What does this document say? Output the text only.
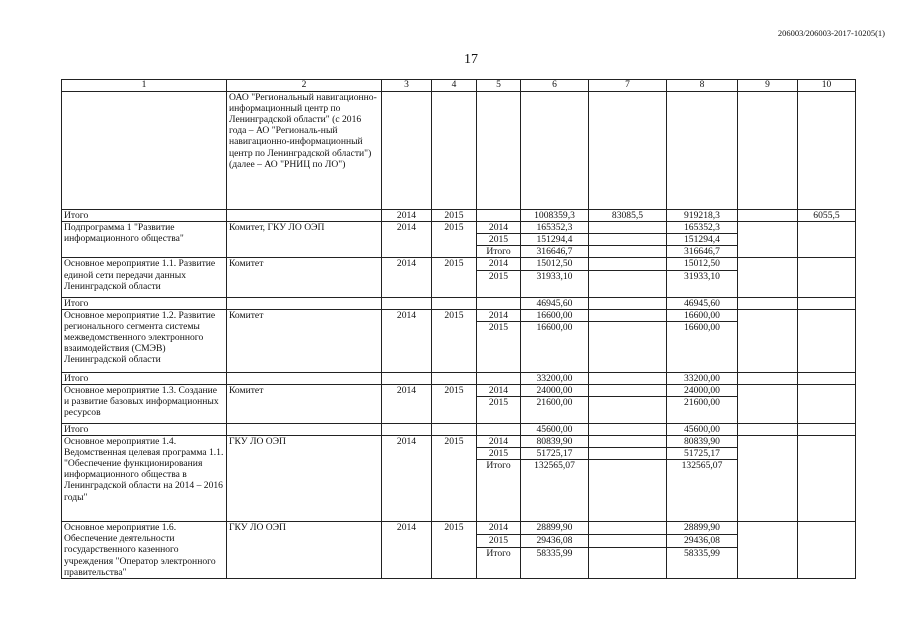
206003/206003-2017-10205(1)
17
1	2	3	4	5	6	7	8	9	10
	ОАО "Региональный навигационно-информационный центр по Ленинградской области" (с 2016 года – АО "Региональ-ный навигационно-информационный центр по Ленинградской области") (далее – АО "РНИЦ по ЛО")								
Итого		2014	2015		1008359,3	83085,5	919218,3		6055,5
Подпрограмма 1 "Развитие информационного общества"	Комитет, ГКУ ЛО ОЭП	2014	2015	2014	165352,3		165352,3		
				2015	151294,4		151294,4		
				Итого	316646,7		316646,7		
Основное мероприятие 1.1. Развитие единой сети передачи данных Ленинградской области	Комитет	2014	2015	2014	15012,50		15012,50		
				2015	31933,10		31933,10		
Итого					46945,60		46945,60		
Основное мероприятие 1.2. Развитие регионального сегмента системы межведомственного электронного взаимодействия (СМЭВ) Ленинградской области	Комитет	2014	2015	2014	16600,00		16600,00		
				2015	16600,00		16600,00		
Итого					33200,00		33200,00		
Основное мероприятие 1.3. Создание и развитие базовых информационных ресурсов	Комитет	2014	2015	2014	24000,00		24000,00		
				2015	21600,00		21600,00		
Итого					45600,00		45600,00		
Основное мероприятие 1.4. Ведомственная целевая программа 1.1. "Обеспечение функционирования информационного общества в Ленинградской области на 2014 – 2016 годы"	ГКУ ЛО ОЭП	2014	2015	2014	80839,90		80839,90		
				2015	51725,17		51725,17		
				Итого	132565,07		132565,07		
Основное мероприятие 1.6. Обеспечение деятельности государственного казенного учреждения "Оператор электронного правительства"	ГКУ ЛО ОЭП	2014	2015	2014	28899,90		28899,90		
				2015	29436,08		29436,08		
				Итого	58335,99		58335,99		
